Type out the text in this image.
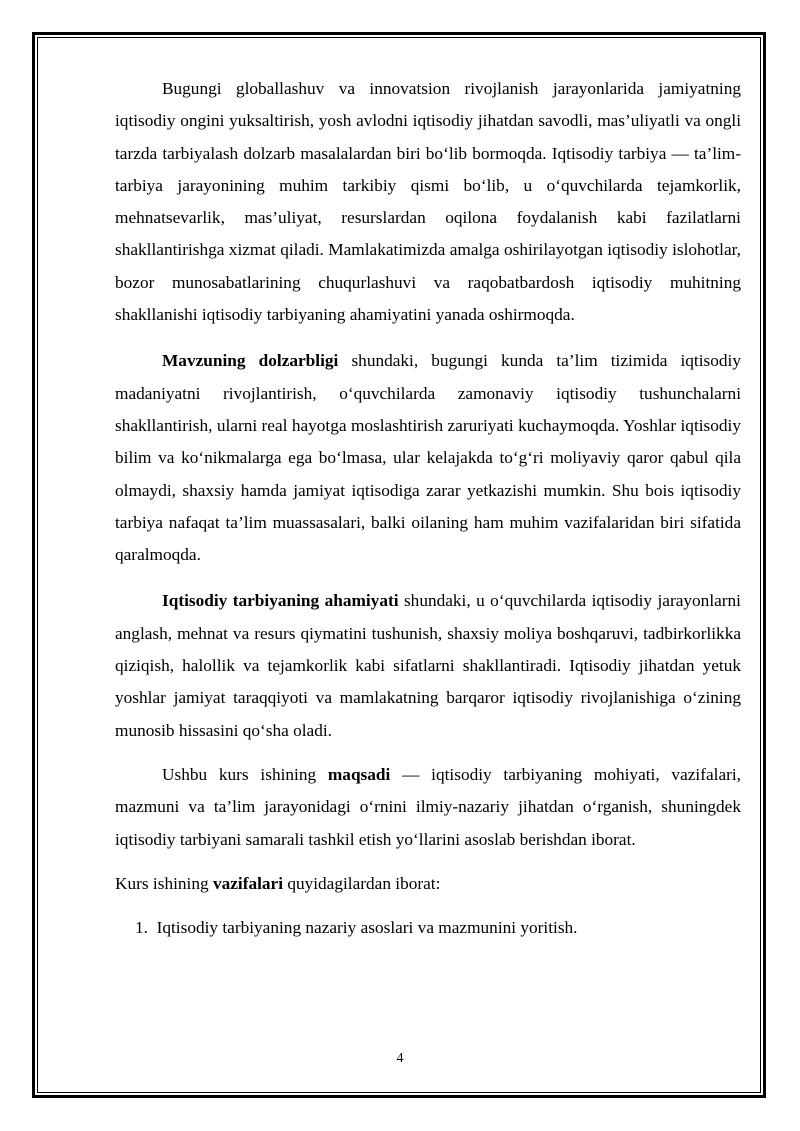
Bugungi globallashuv va innovatsion rivojlanish jarayonlarida jamiyatning iqtisodiy ongini yuksaltirish, yosh avlodni iqtisodiy jihatdan savodli, mas’uliyatli va ongli tarzda tarbiyalash dolzarb masalalardan biri bo‘lib bormoqda. Iqtisodiy tarbiya — ta’lim-tarbiya jarayonining muhim tarkibiy qismi bo‘lib, u o‘quvchilarda tejamkorlik, mehnatsevarlik, mas’uliyat, resurslardan oqilona foydalanish kabi fazilatlarni shakllantirishga xizmat qiladi. Mamlakatimizda amalga oshirilayotgan iqtisodiy islohotlar, bozor munosabatlarining chuqurlashuvi va raqobatbardosh iqtisodiy muhitning shakllanishi iqtisodiy tarbiyaning ahamiyatini yanada oshirmoqda.

Mavzuning dolzarbligi shundaki, bugungi kunda ta’lim tizimida iqtisodiy madaniyatni rivojlantirish, o‘quvchilarda zamonaviy iqtisodiy tushunchalarni shakllantirish, ularni real hayotga moslashtirish zaruriyati kuchaymoqda. Yoshlar iqtisodiy bilim va ko‘nikmalarga ega bo‘lmasa, ular kelajakda to‘g‘ri moliyaviy qaror qabul qila olmaydi, shaxsiy hamda jamiyat iqtisodiga zarar yetkazishi mumkin. Shu bois iqtisodiy tarbiya nafaqat ta’lim muassasalari, balki oilaning ham muhim vazifalaridan biri sifatida qaralmoqda.

Iqtisodiy tarbiyaning ahamiyati shundaki, u o‘quvchilarda iqtisodiy jarayonlarni anglash, mehnat va resurs qiymatini tushunish, shaxsiy moliya boshqaruvi, tadbirkorlikka qiziqish, halollik va tejamkorlik kabi sifatlarni shakllantiradi. Iqtisodiy jihatdan yetuk yoshlar jamiyat taraqqiyoti va mamlakatning barqaror iqtisodiy rivojlanishiga o‘zining munosib hissasini qo‘sha oladi.

Ushbu kurs ishining maqsadi — iqtisodiy tarbiyaning mohiyati, vazifalari, mazmuni va ta’lim jarayonidagi o‘rnini ilmiy-nazariy jihatdan o‘rganish, shuningdek iqtisodiy tarbiyani samarali tashkil etish yo‘llarini asoslab berishdan iborat.

Kurs ishining vazifalari quyidagilardan iborat:

1. Iqtisodiy tarbiyaning nazariy asoslari va mazmunini yoritish.

4
